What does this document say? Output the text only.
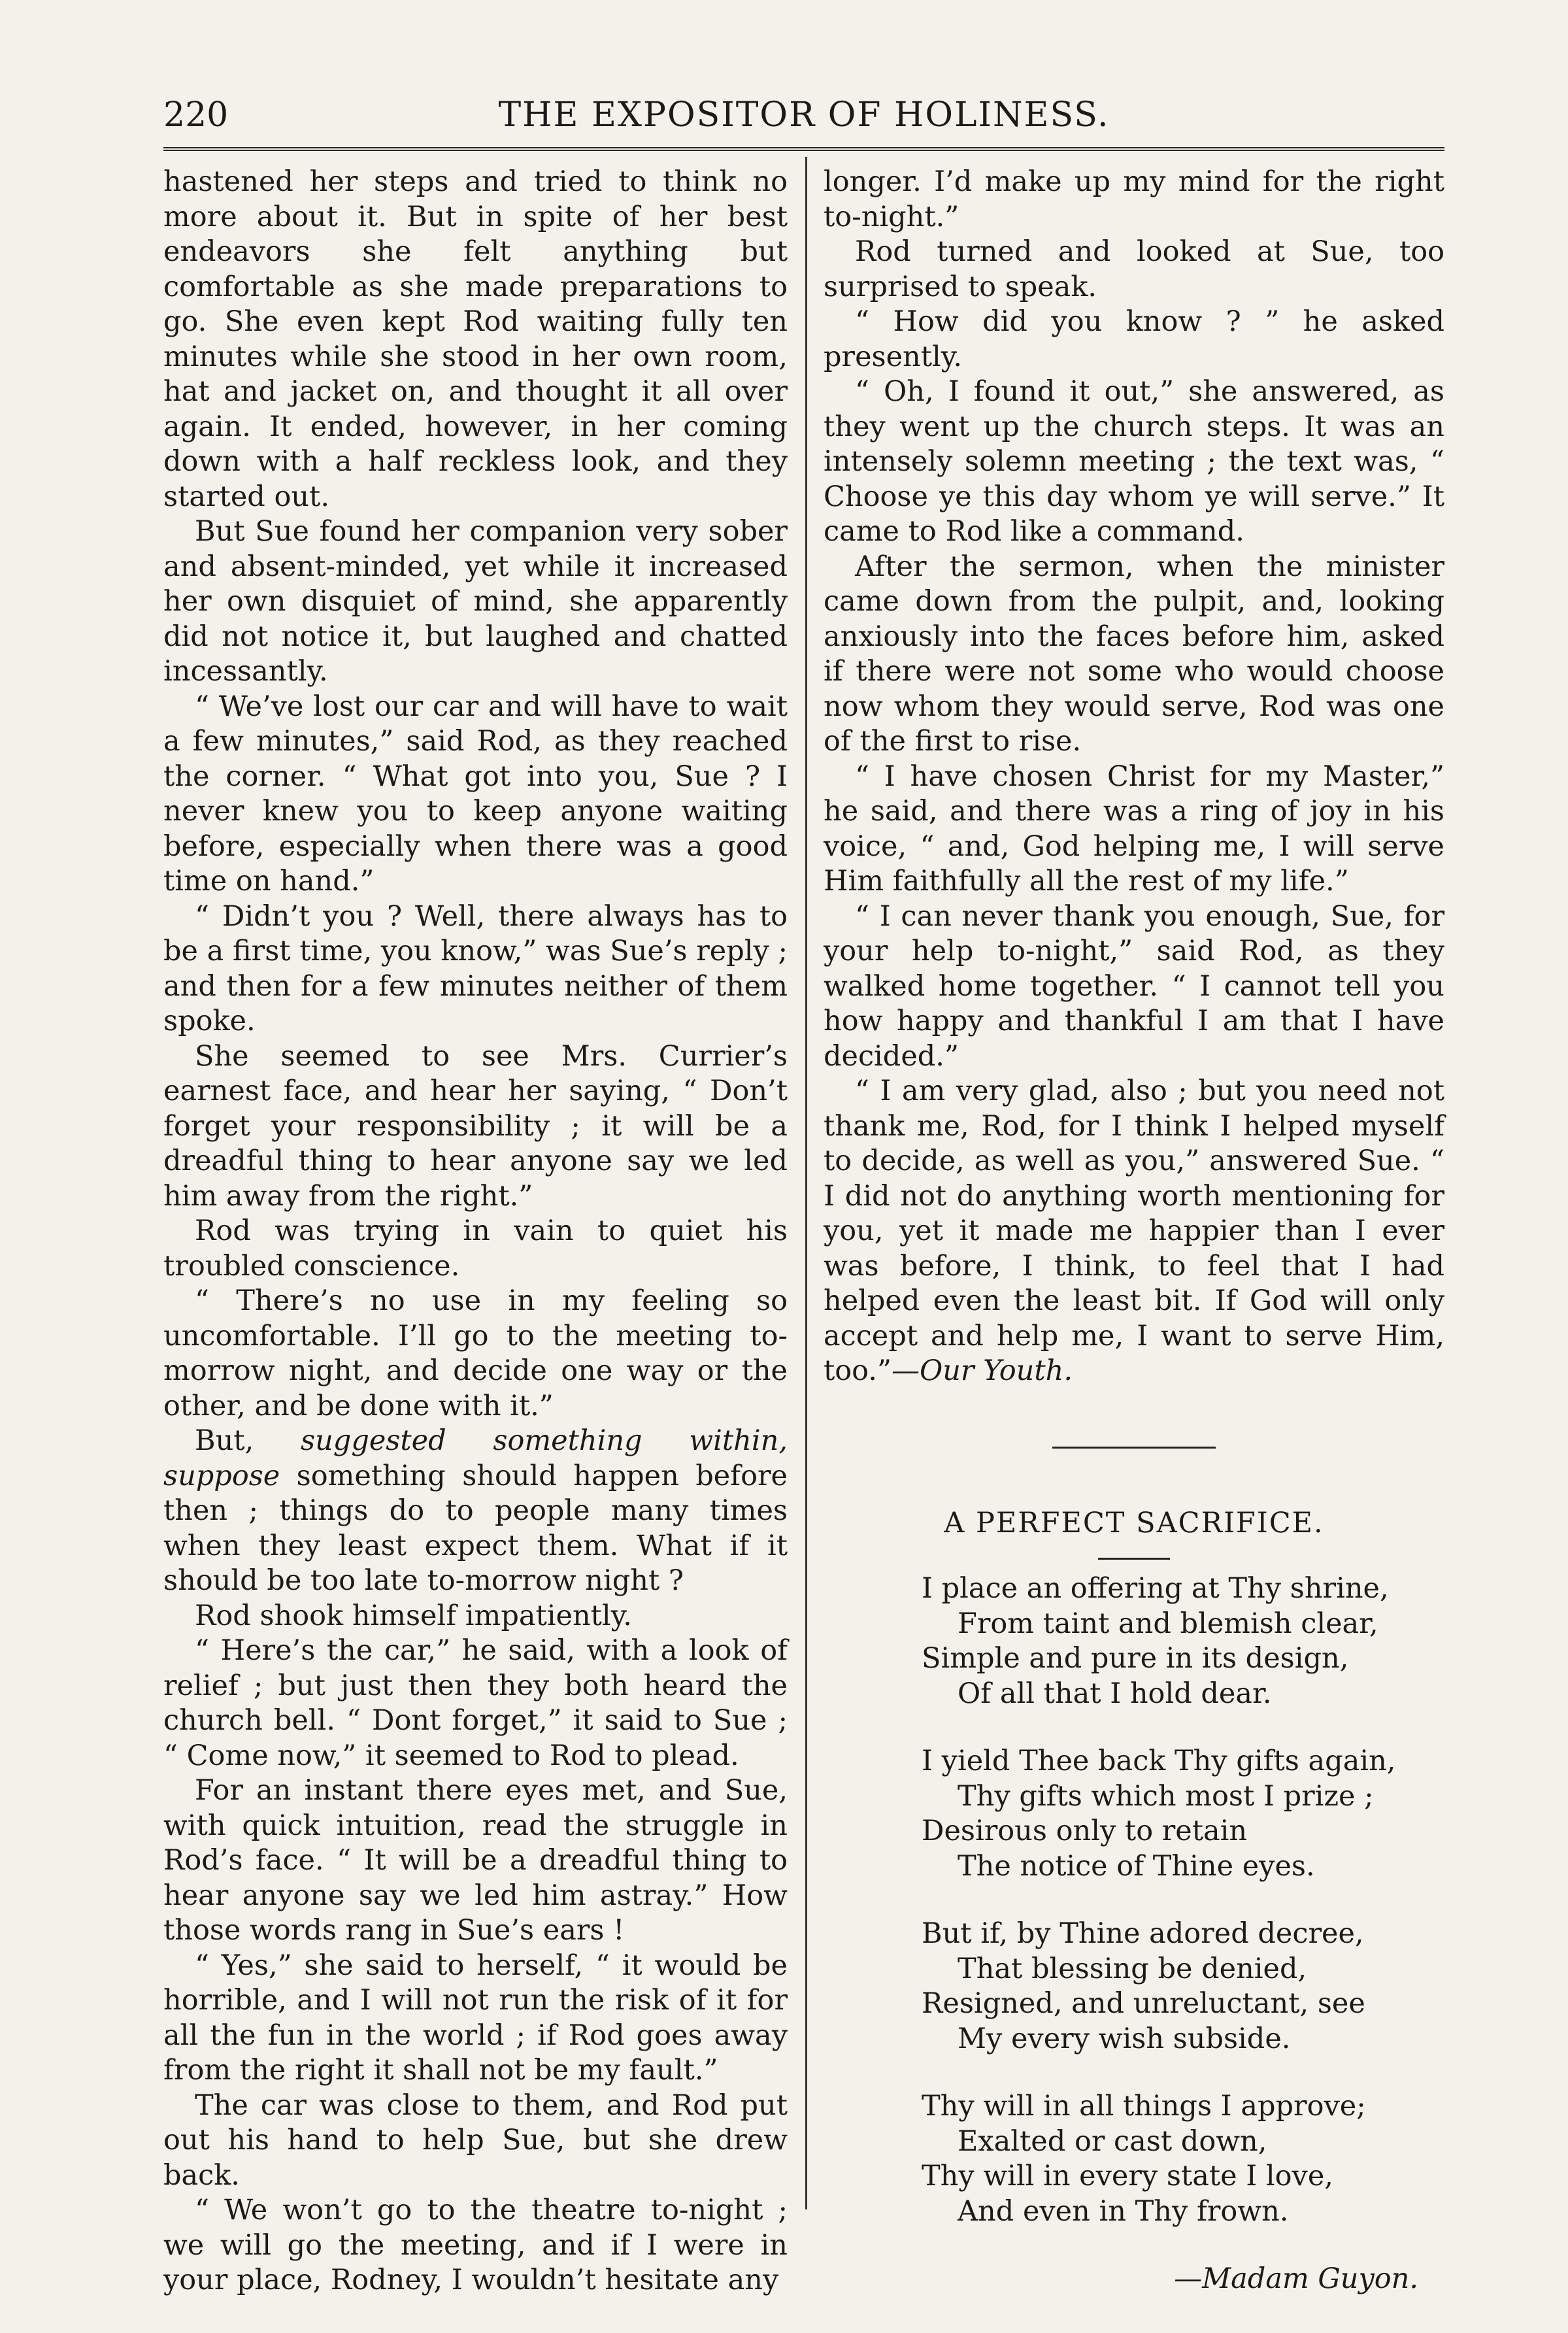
220	THE EXPOSITOR OF HOLINESS.

hastened her steps and tried to think no more about it. But in spite of her best endeavors she felt anything but comfortable as she made preparations to go. She even kept Rod waiting fully ten minutes while she stood in her own room, hat and jacket on, and thought it all over again. It ended, however, in her coming down with a half reckless look, and they started out.

But Sue found her companion very sober and absent-minded, yet while it increased her own disquiet of mind, she apparently did not notice it, but laughed and chatted incessantly.

“ We’ve lost our car and will have to wait a few minutes,” said Rod, as they reached the corner. “ What got into you, Sue ? I never knew you to keep anyone waiting before, especially when there was a good time on hand.”

“ Didn’t you ? Well, there always has to be a first time, you know,” was Sue’s reply ; and then for a few minutes neither of them spoke.

She seemed to see Mrs. Currier’s earnest face, and hear her saying, “ Don’t forget your responsibility ; it will be a dreadful thing to hear anyone say we led him away from the right.”

Rod was trying in vain to quiet his troubled conscience.

“ There’s no use in my feeling so uncomfortable. I’ll go to the meeting to-morrow night, and decide one way or the other, and be done with it.”

But, suggested something within, suppose something should happen before then ; things do to people many times when they least expect them. What if it should be too late to-morrow night ?

Rod shook himself impatiently.

“ Here’s the car,” he said, with a look of relief ; but just then they both heard the church bell. “ Dont forget,” it said to Sue ; “ Come now,” it seemed to Rod to plead.

For an instant there eyes met, and Sue, with quick intuition, read the struggle in Rod’s face. “ It will be a dreadful thing to hear anyone say we led him astray.” How those words rang in Sue’s ears !

“ Yes,” she said to herself, “ it would be horrible, and I will not run the risk of it for all the fun in the world ; if Rod goes away from the right it shall not be my fault.”

The car was close to them, and Rod put out his hand to help Sue, but she drew back.

“ We won’t go to the theatre to-night ; we will go the meeting, and if I were in your place, Rodney, I wouldn’t hesitate any

longer. I’d make up my mind for the right to-night.”

Rod turned and looked at Sue, too surprised to speak.

“ How did you know ? ” he asked presently.

“ Oh, I found it out,” she answered, as they went up the church steps. It was an intensely solemn meeting ; the text was, “ Choose ye this day whom ye will serve.” It came to Rod like a command.

After the sermon, when the minister came down from the pulpit, and, looking anxiously into the faces before him, asked if there were not some who would choose now whom they would serve, Rod was one of the first to rise.

“ I have chosen Christ for my Master,” he said, and there was a ring of joy in his voice, “ and, God helping me, I will serve Him faithfully all the rest of my life.”

“ I can never thank you enough, Sue, for your help to-night,” said Rod, as they walked home together. “ I cannot tell you how happy and thankful I am that I have decided.”

“ I am very glad, also ; but you need not thank me, Rod, for I think I helped myself to decide, as well as you,” answered Sue. “ I did not do anything worth mentioning for you, yet it made me happier than I ever was before, I think, to feel that I had helped even the least bit. If God will only accept and help me, I want to serve Him, too.”—Our Youth.

A PERFECT SACRIFICE.
I place an offering at Thy shrine,
From taint and blemish clear,
Simple and pure in its design,
Of all that I hold dear.
I yield Thee back Thy gifts again,
Thy gifts which most I prize ;
Desirous only to retain
The notice of Thine eyes.
But if, by Thine adored decree,
That blessing be denied,
Resigned, and unreluctant, see
My every wish subside.
Thy will in all things I approve;
Exalted or cast down,
Thy will in every state I love,
And even in Thy frown.
—Madam Guyon.
